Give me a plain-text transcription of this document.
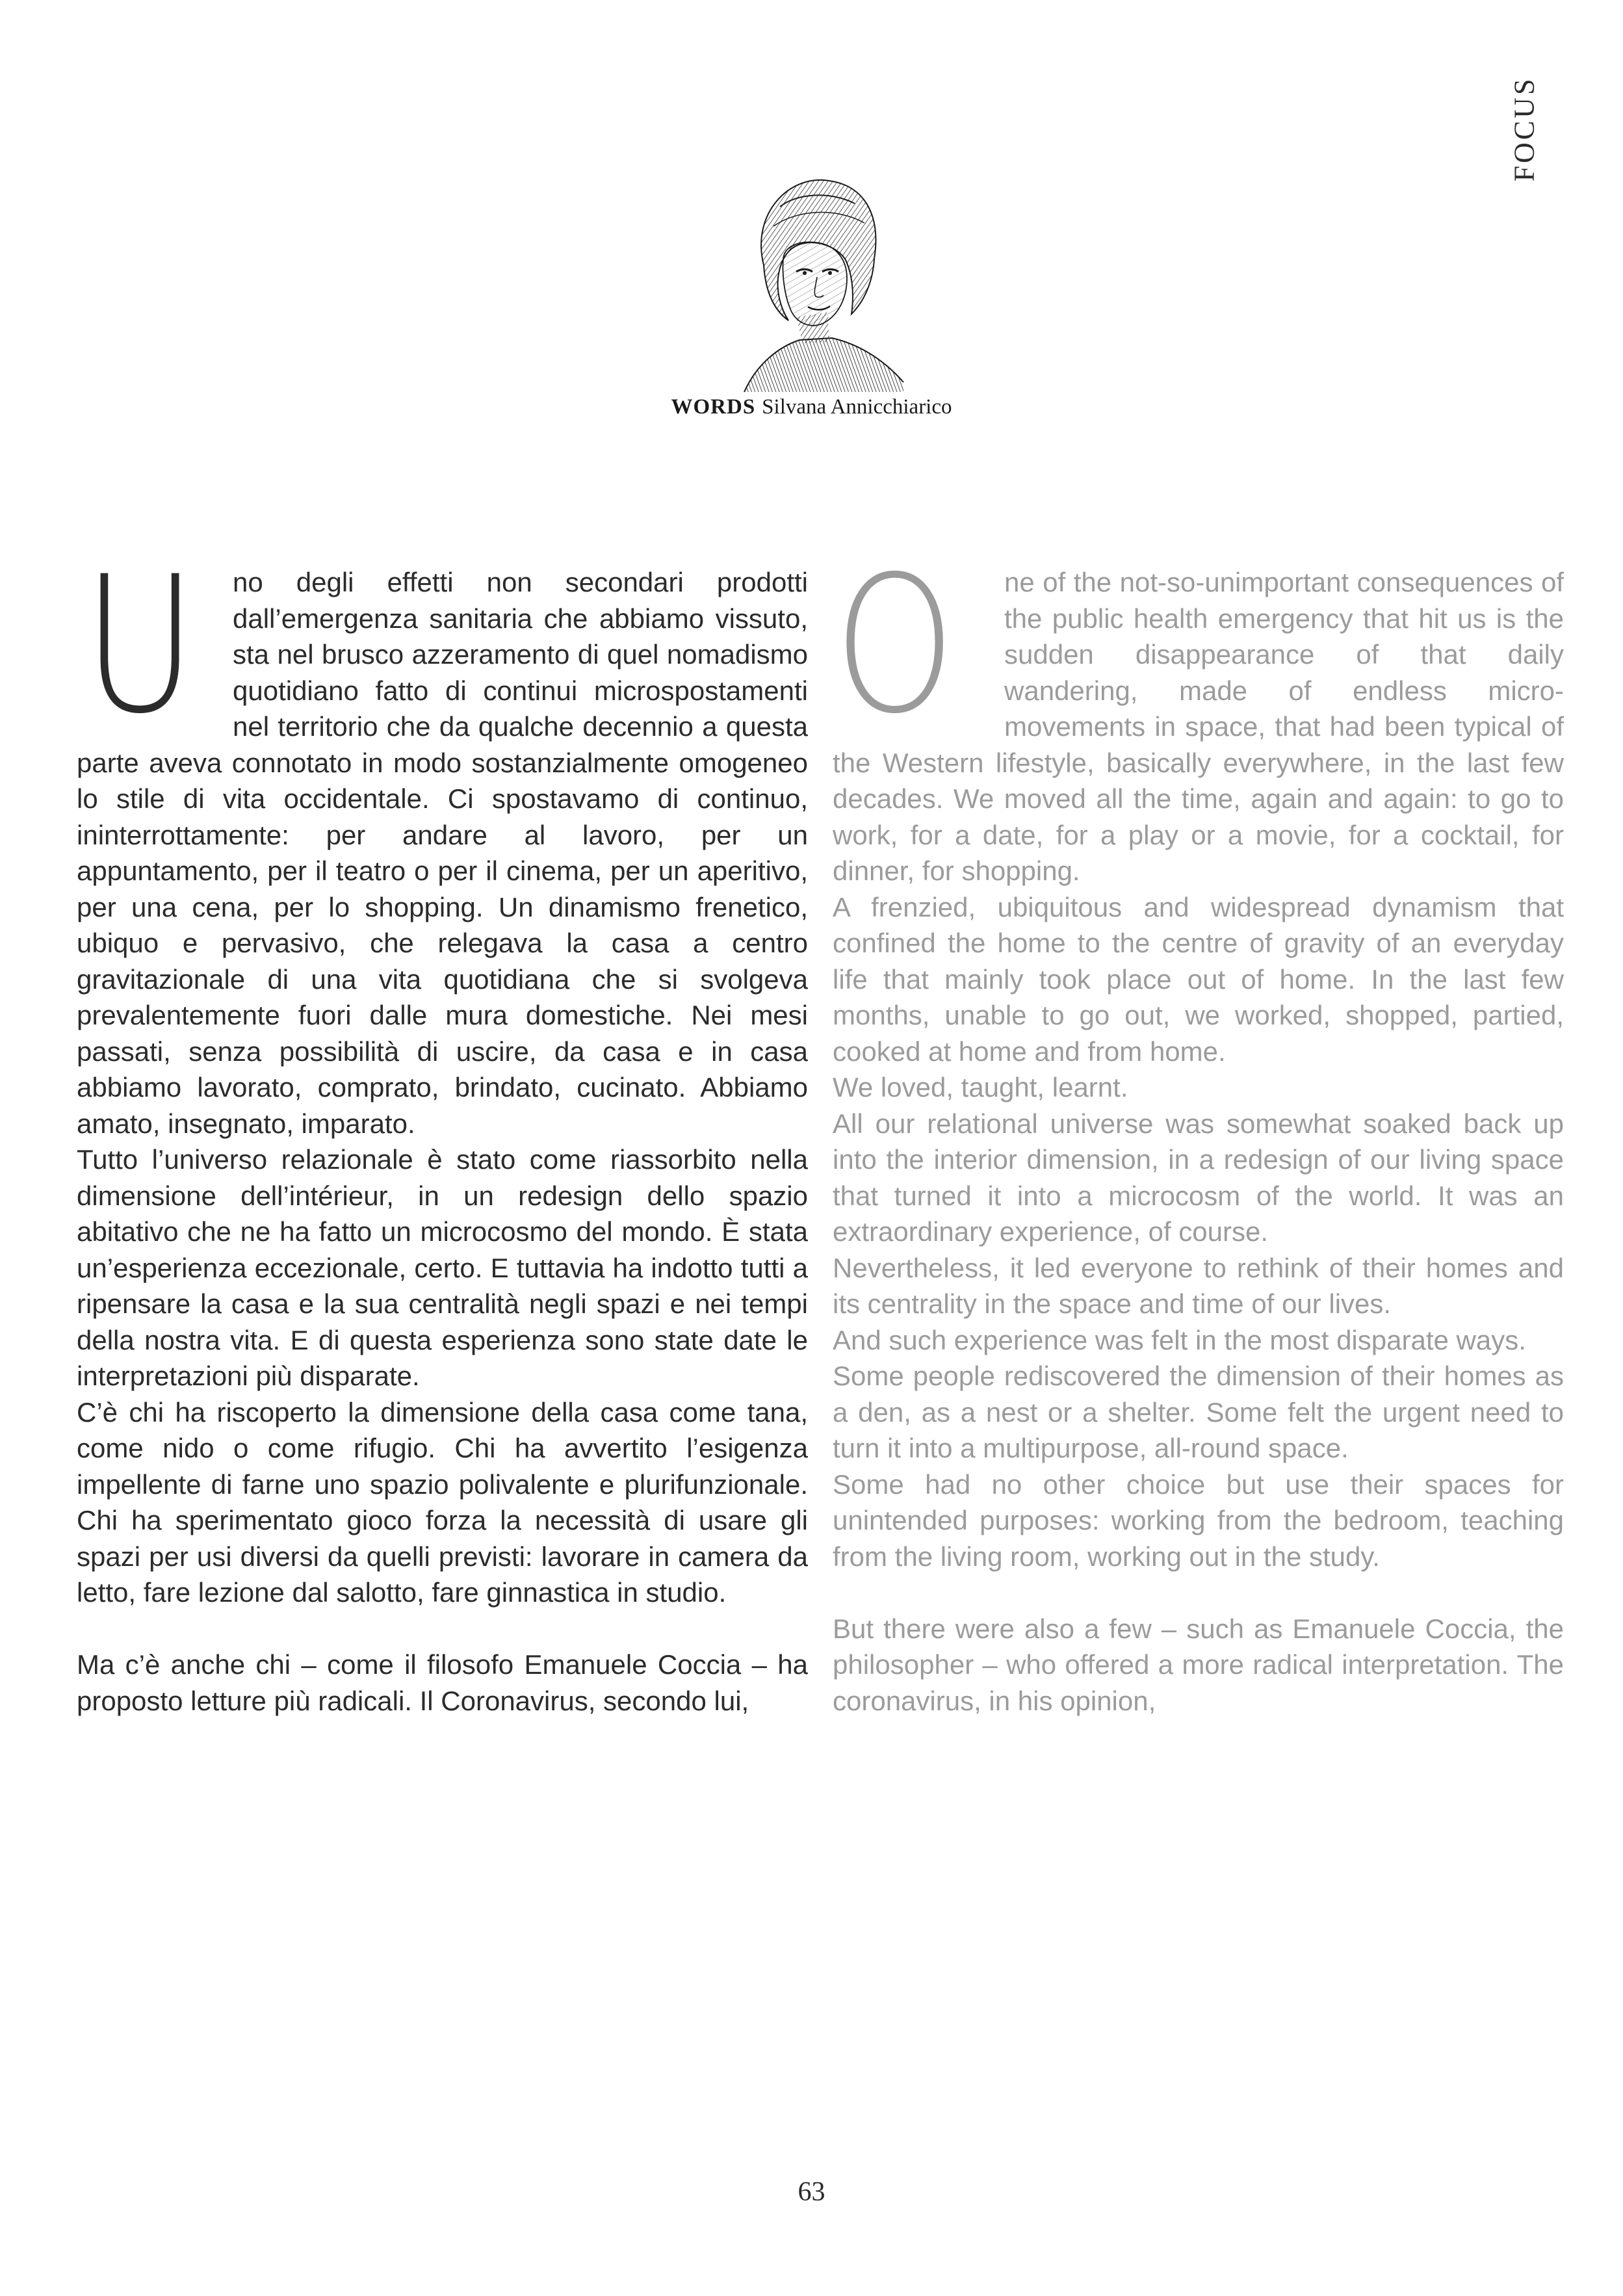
FOCUS
WORDS Silvana Annicchiarico
U	no degli effetti non secondari prodotti dall’emergenza sanitaria che abbiamo vissuto, sta nel brusco azzeramento di quel nomadismo quotidiano fatto di continui microspostamenti nel territorio che da qualche decennio a questa parte aveva connotato in modo sostanzialmente omogeneo lo stile di vita occidentale. Ci spostavamo di continuo, ininterrottamente: per andare al lavoro, per un appuntamento, per il teatro o per il cinema, per un aperitivo, per una cena, per lo shopping. Un dinamismo frenetico, ubiquo e pervasivo, che relegava la casa a centro gravitazionale di una vita quotidiana che si svolgeva prevalentemente fuori dalle mura domestiche. Nei mesi passati, senza possibilità di uscire, da casa e in casa abbiamo lavorato, comprato, brindato, cucinato. Abbiamo amato, insegnato, imparato.

Tutto l’universo relazionale è stato come riassorbito nella dimensione dell’intérieur, in un redesign dello spazio abitativo che ne ha fatto un microcosmo del mondo. È stata un’esperienza eccezionale, certo. E tuttavia ha indotto tutti a ripensare la casa e la sua centralità negli spazi e nei tempi della nostra vita. E di questa esperienza sono state date le interpretazioni più disparate.

C’è chi ha riscoperto la dimensione della casa come tana, come nido o come rifugio. Chi ha avvertito l’esigenza impellente di farne uno spazio polivalente e plurifunzionale. Chi ha sperimentato gioco forza la necessità di usare gli spazi per usi diversi da quelli previsti: lavorare in camera da letto, fare lezione dal salotto, fare ginnastica in studio.

Ma c’è anche chi – come il filosofo Emanuele Coccia – ha proposto letture più radicali. Il Coronavirus, secondo lui,

O	ne of the not-so-unimportant consequences of the public health emergency that hit us is the sudden disappearance of that daily wandering, made of endless micro-movements in space, that had been typical of the Western lifestyle, basically everywhere, in the last few decades. We moved all the time, again and again: to go to work, for a date, for a play or a movie, for a cocktail, for dinner, for shopping.

A frenzied, ubiquitous and widespread dynamism that confined the home to the centre of gravity of an everyday life that mainly took place out of home. In the last few months, unable to go out, we worked, shopped, partied, cooked at home and from home.

We loved, taught, learnt.

All our relational universe was somewhat soaked back up into the interior dimension, in a redesign of our living space that turned it into a microcosm of the world. It was an extraordinary experience, of course.

Nevertheless, it led everyone to rethink of their homes and its centrality in the space and time of our lives.

And such experience was felt in the most disparate ways.

Some people rediscovered the dimension of their homes as a den, as a nest or a shelter. Some felt the urgent need to turn it into a multipurpose, all-round space.

Some had no other choice but use their spaces for unintended purposes: working from the bedroom, teaching from the living room, working out in the study.

But there were also a few – such as Emanuele Coccia, the philosopher – who offered a more radical interpretation. The coronavirus, in his opinion,

63
